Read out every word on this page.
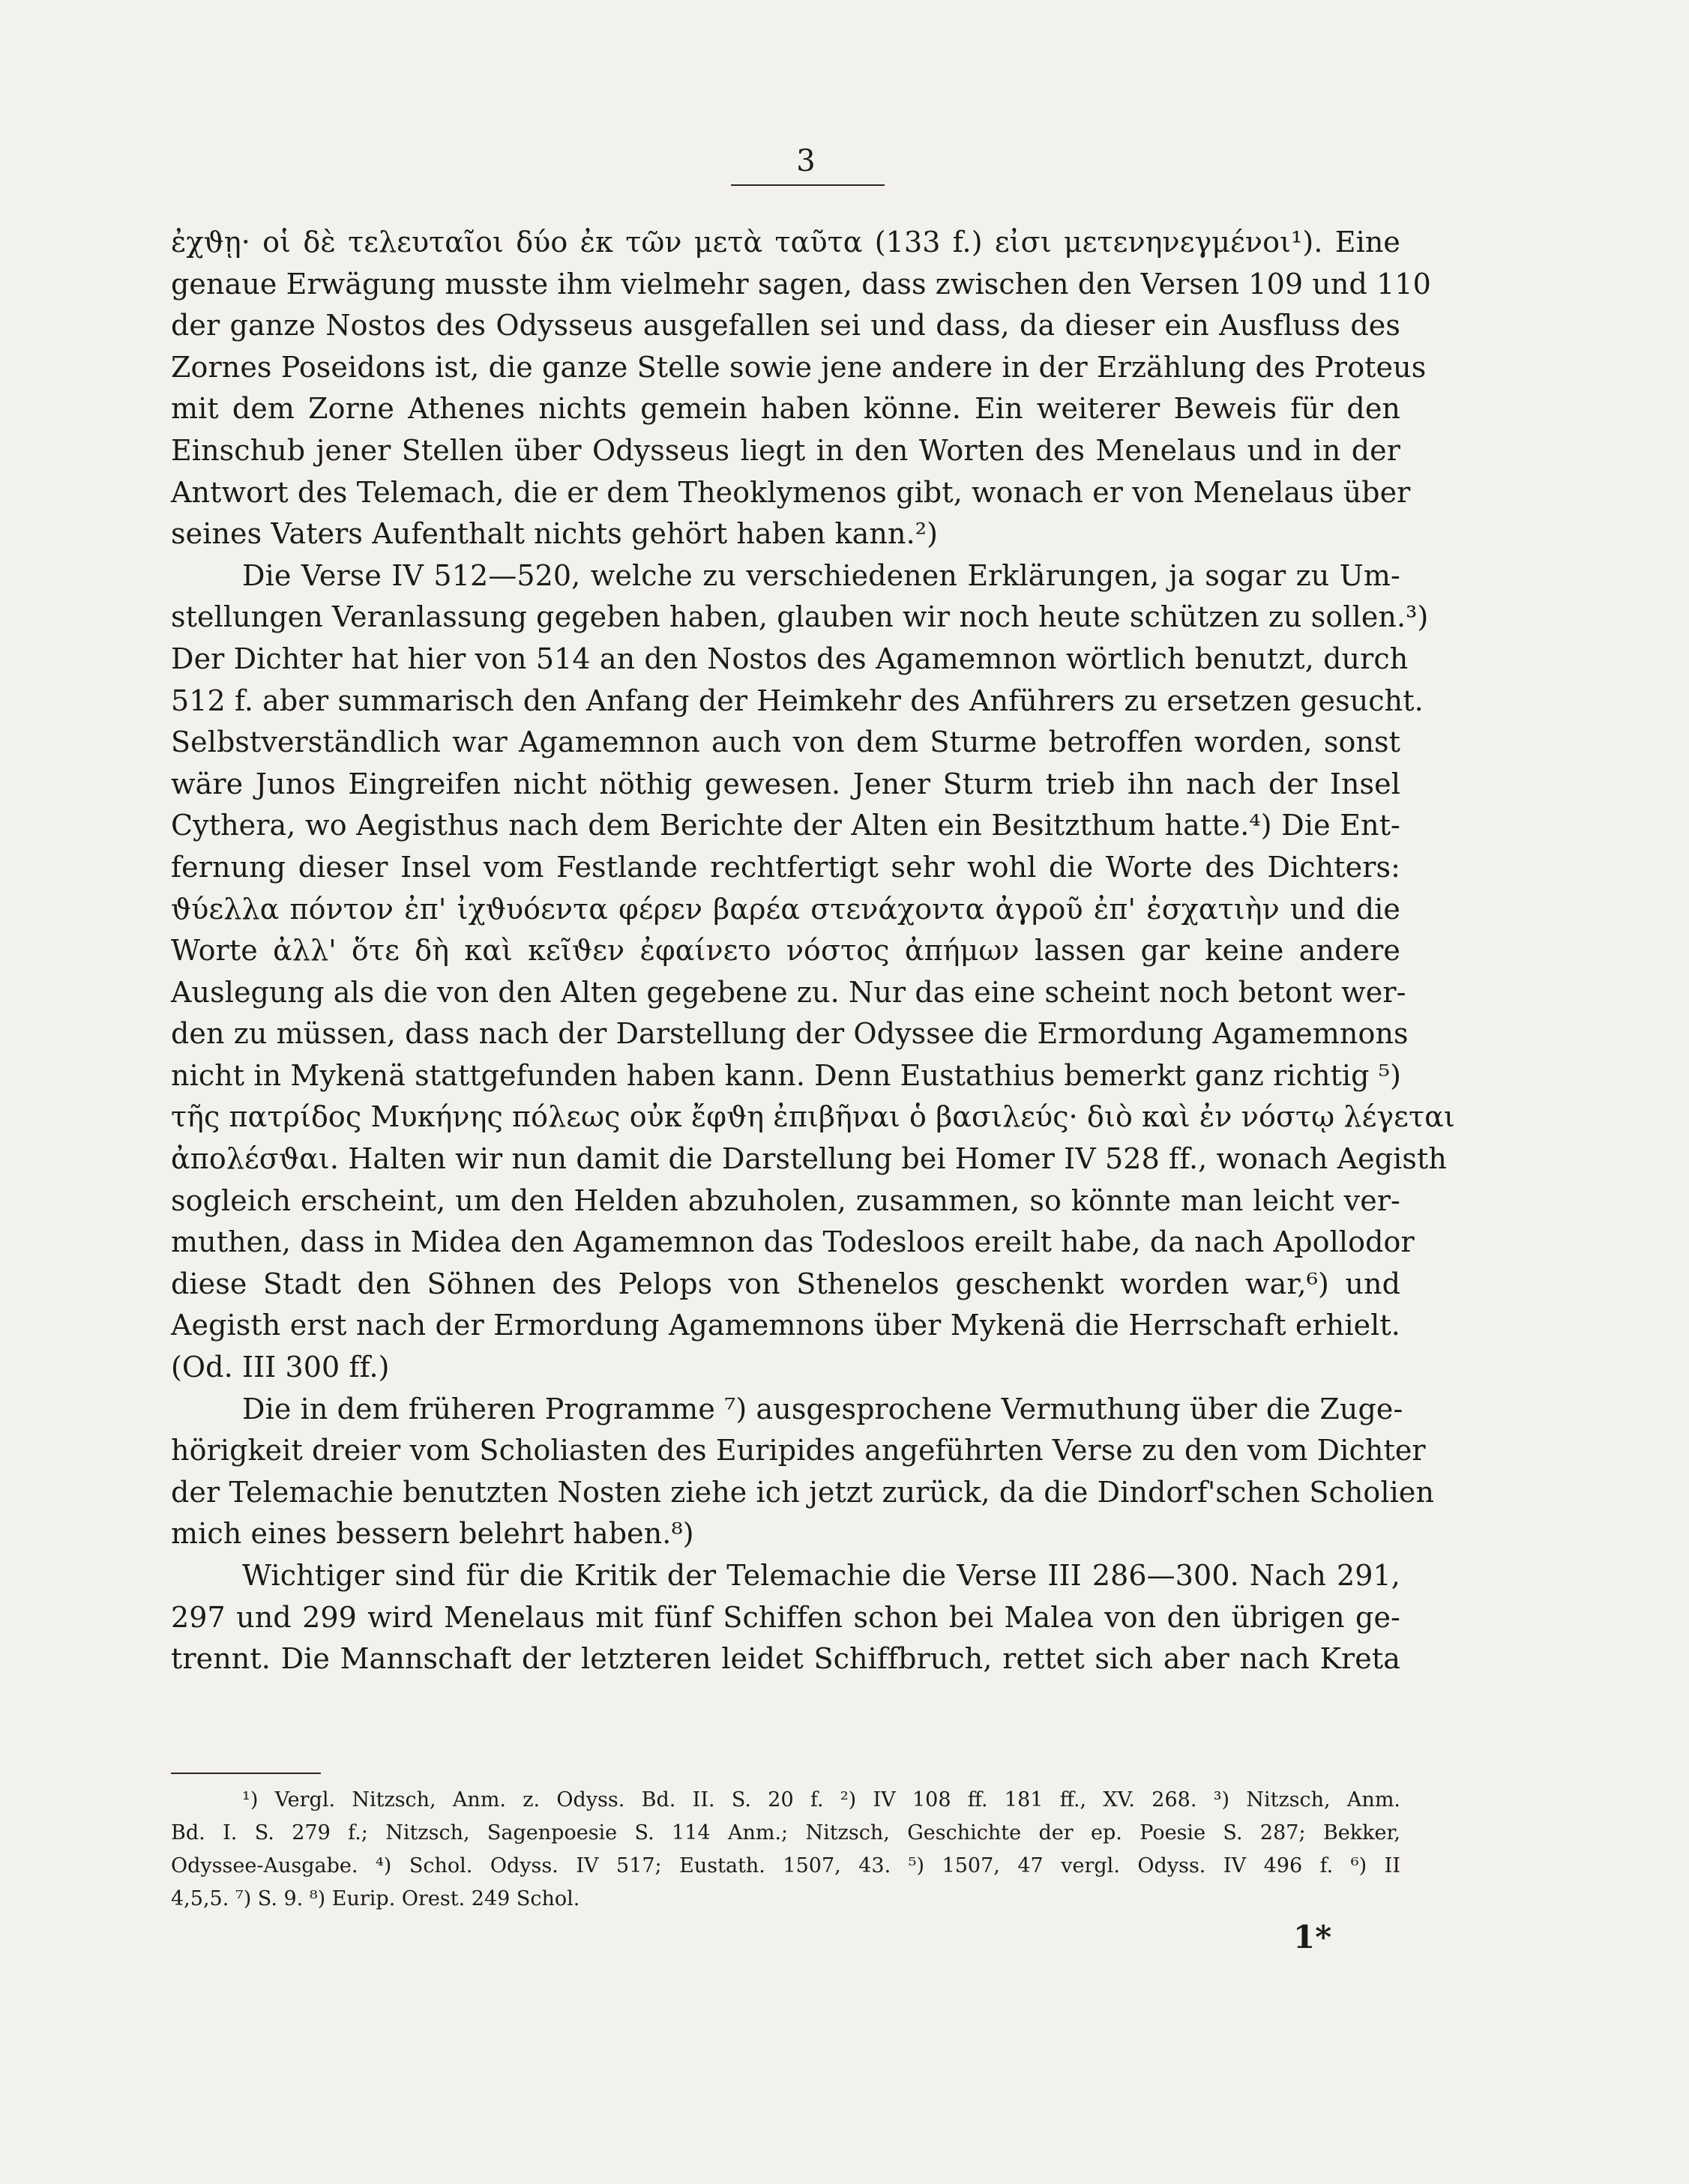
3
ἐχϑῃ· οἱ δὲ τελευταῖοι δύο ἐκ τῶν μετὰ ταῦτα (133 f.) εἰσι μετενηνεγμένοι¹). Eine
genaue Erwägung musste ihm vielmehr sagen, dass zwischen den Versen 109 und 110
der ganze Nostos des Odysseus ausgefallen sei und dass, da dieser ein Ausfluss des
Zornes Poseidons ist, die ganze Stelle sowie jene andere in der Erzählung des Proteus
mit dem Zorne Athenes nichts gemein haben könne. Ein weiterer Beweis für den
Einschub jener Stellen über Odysseus liegt in den Worten des Menelaus und in der
Antwort des Telemach, die er dem Theoklymenos gibt, wonach er von Menelaus über
seines Vaters Aufenthalt nichts gehört haben kann.²)
Die Verse IV 512—520, welche zu verschiedenen Erklärungen, ja sogar zu Um-
stellungen Veranlassung gegeben haben, glauben wir noch heute schützen zu sollen.³)
Der Dichter hat hier von 514 an den Nostos des Agamemnon wörtlich benutzt, durch
512 f. aber summarisch den Anfang der Heimkehr des Anführers zu ersetzen gesucht.
Selbstverständlich war Agamemnon auch von dem Sturme betroffen worden, sonst
wäre Junos Eingreifen nicht nöthig gewesen. Jener Sturm trieb ihn nach der Insel
Cythera, wo Aegisthus nach dem Berichte der Alten ein Besitzthum hatte.⁴) Die Ent-
fernung dieser Insel vom Festlande rechtfertigt sehr wohl die Worte des Dichters:
ϑύελλα πόντον ἐπ' ἰχϑυόεντα φέρεν βαρέα στενάχοντα ἀγροῦ ἐπ' ἐσχατιὴν und die
Worte ἀλλ' ὅτε δὴ καὶ κεῖϑεν ἐφαίνετο νόστος ἀπήμων lassen gar keine andere
Auslegung als die von den Alten gegebene zu. Nur das eine scheint noch betont wer-
den zu müssen, dass nach der Darstellung der Odyssee die Ermordung Agamemnons
nicht in Mykenä stattgefunden haben kann. Denn Eustathius bemerkt ganz richtig ⁵)
τῆς πατρίδος Μυκήνης πόλεως οὐκ ἔφϑη ἐπιβῆναι ὁ βασιλεύς· διὸ καὶ ἐν νόστῳ λέγεται
ἀπολέσϑαι. Halten wir nun damit die Darstellung bei Homer IV 528 ff., wonach Aegisth
sogleich erscheint, um den Helden abzuholen, zusammen, so könnte man leicht ver-
muthen, dass in Midea den Agamemnon das Todesloos ereilt habe, da nach Apollodor
diese Stadt den Söhnen des Pelops von Sthenelos geschenkt worden war,⁶) und
Aegisth erst nach der Ermordung Agamemnons über Mykenä die Herrschaft erhielt.
(Od. III 300 ff.)
Die in dem früheren Programme ⁷) ausgesprochene Vermuthung über die Zuge-
hörigkeit dreier vom Scholiasten des Euripides angeführten Verse zu den vom Dichter
der Telemachie benutzten Nosten ziehe ich jetzt zurück, da die Dindorf'schen Scholien
mich eines bessern belehrt haben.⁸)
Wichtiger sind für die Kritik der Telemachie die Verse III 286—300. Nach 291,
297 und 299 wird Menelaus mit fünf Schiffen schon bei Malea von den übrigen ge-
trennt. Die Mannschaft der letzteren leidet Schiffbruch, rettet sich aber nach Kreta
¹) Vergl. Nitzsch, Anm. z. Odyss. Bd. II. S. 20 f. ²) IV 108 ff. 181 ff., XV. 268. ³) Nitzsch, Anm.
Bd. I. S. 279 f.; Nitzsch, Sagenpoesie S. 114 Anm.; Nitzsch, Geschichte der ep. Poesie S. 287; Bekker,
Odyssee-Ausgabe. ⁴) Schol. Odyss. IV 517; Eustath. 1507, 43. ⁵) 1507, 47 vergl. Odyss. IV 496 f. ⁶) II
4,5,5. ⁷) S. 9. ⁸) Eurip. Orest. 249 Schol.
1*
